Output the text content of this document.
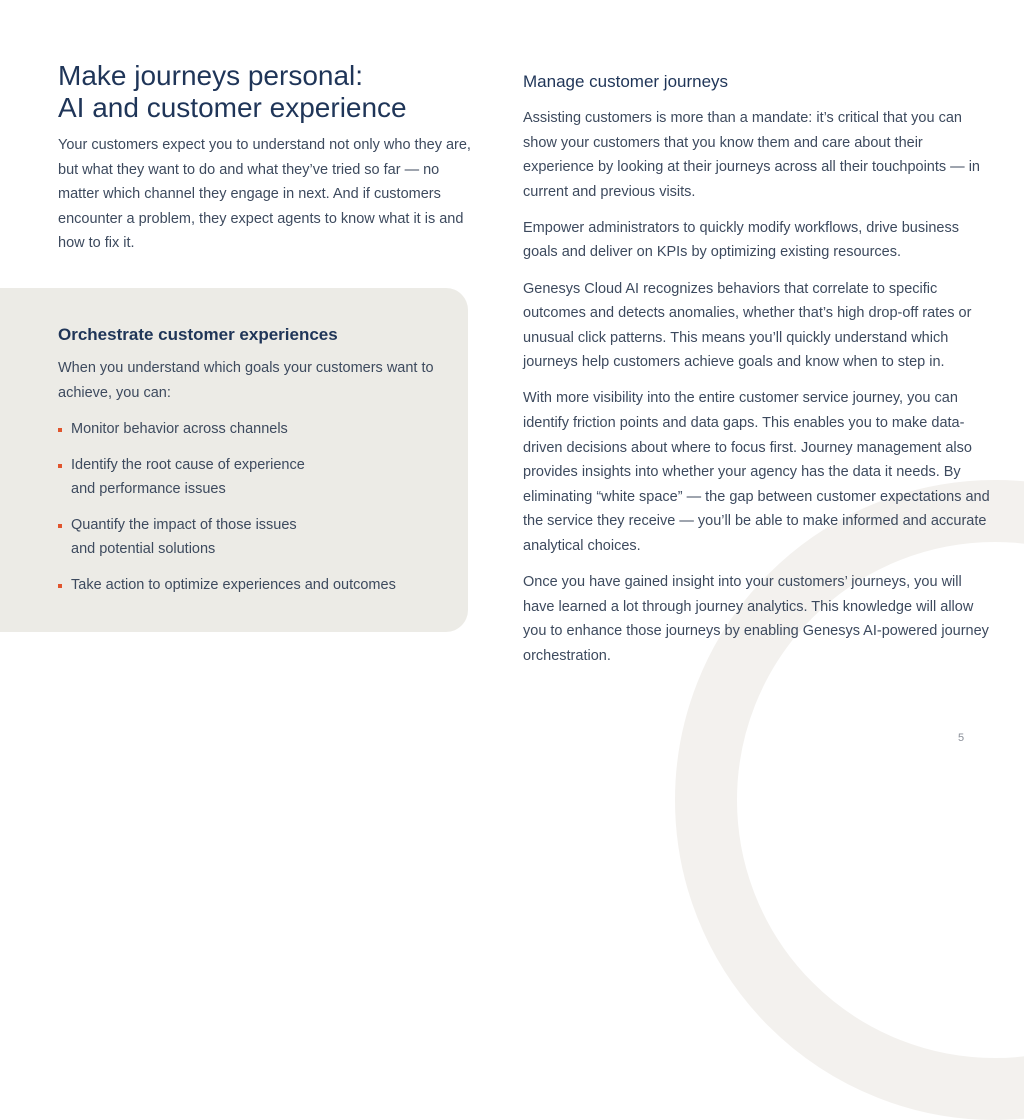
Make journeys personal:
AI and customer experience

Your customers expect you to understand not only who they are, but what they want to do and what they’ve tried so far — no matter which channel they engage in next. And if customers encounter a problem, they expect agents to know what it is and how to fix it.

Orchestrate customer experiences

When you understand which goals your customers want to achieve, you can:

Monitor behavior across channels
Identify the root cause of experience and performance issues
Quantify the impact of those issues and potential solutions
Take action to optimize experiences and outcomes
Manage customer journeys

Assisting customers is more than a mandate: it’s critical that you can show your customers that you know them and care about their experience by looking at their journeys across all their touchpoints — in current and previous visits.

Empower administrators to quickly modify workflows, drive business goals and deliver on KPIs by optimizing existing resources.

Genesys Cloud AI recognizes behaviors that correlate to specific outcomes and detects anomalies, whether that’s high drop-off rates or unusual click patterns. This means you’ll quickly understand which journeys help customers achieve goals and know when to step in.

With more visibility into the entire customer service journey, you can identify friction points and data gaps. This enables you to make data-driven decisions about where to focus first. Journey management also provides insights into whether your agency has the data it needs. By eliminating “white space” — the gap between customer expectations and the service they receive — you’ll be able to make informed and accurate analytical choices.

Once you have gained insight into your customers’ journeys, you will have learned a lot through journey analytics. This knowledge will allow you to enhance those journeys by enabling Genesys AI-powered journey orchestration.

5
